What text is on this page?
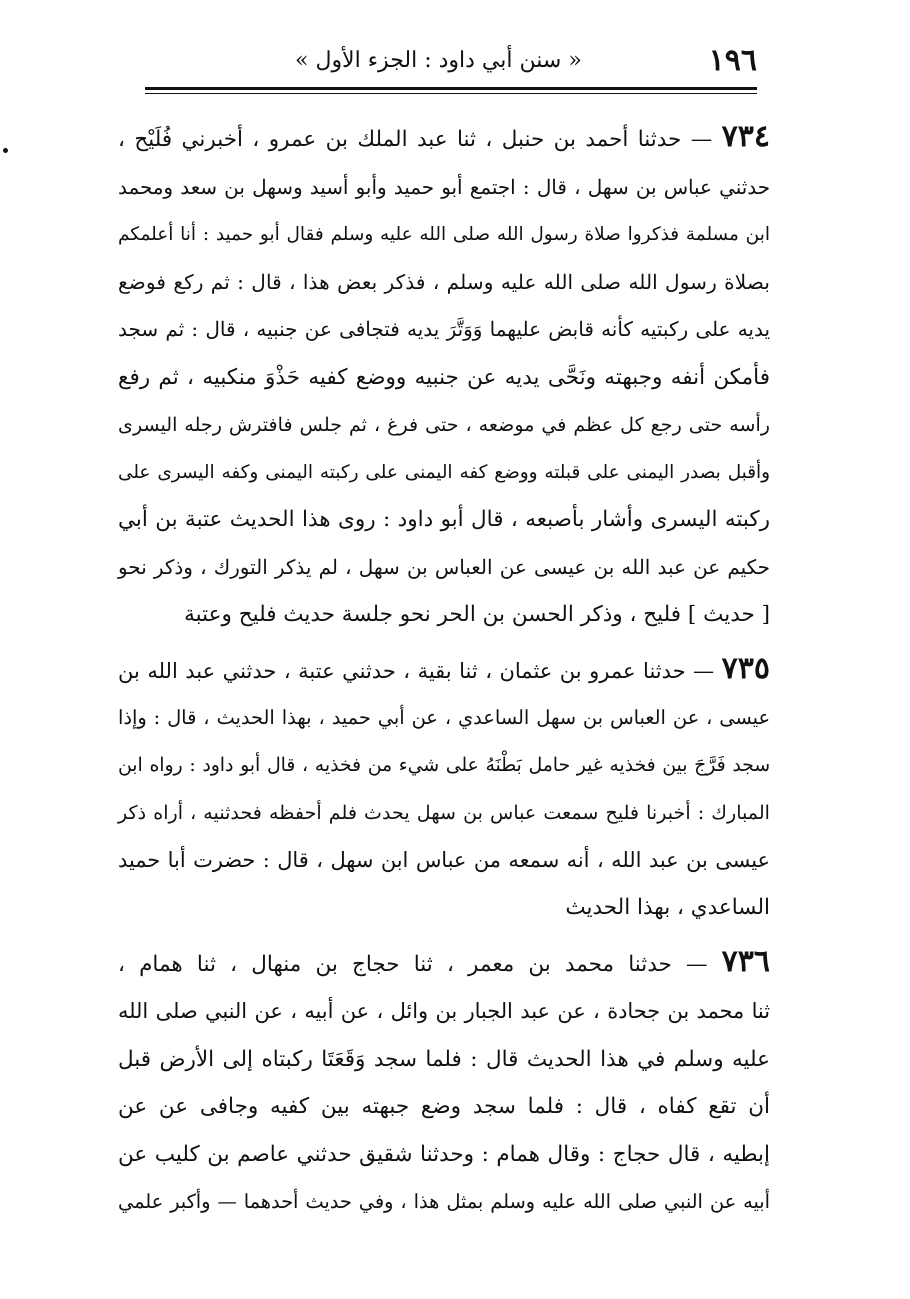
١٩٦
« سنن أبي داود : الجزء الأول »
٧٣٤ — حدثنا أحمد بن حنبل ، ثنا عبد الملك بن عمرو ، أخبرني فُلَيْح ،
حدثني عباس بن سهل ، قال : اجتمع أبو حميد وأبو أسيد وسهل بن سعد ومحمد
ابن مسلمة فذكروا صلاة رسول الله صلى الله عليه وسلم فقال أبو حميد : أنا أعلمكم
بصلاة رسول الله صلى الله عليه وسلم ، فذكر بعض هذا ، قال : ثم ركع فوضع
يديه على ركبتيه كأنه قابض عليهما وَوَتَّرَ يديه فتجافى عن جنبيه ، قال : ثم سجد
فأمكن أنفه وجبهته ونَحَّى يديه عن جنبيه ووضع كفيه حَذْوَ منكبيه ، ثم رفع
رأسه حتى رجع كل عظم في موضعه ، حتى فرغ ، ثم جلس فافترش رجله اليسرى
وأقبل بصدر اليمنى على قبلته ووضع كفه اليمنى على ركبته اليمنى وكفه اليسرى على
ركبته اليسرى وأشار بأصبعه ، قال أبو داود : روى هذا الحديث عتبة بن أبي
حكيم عن عبد الله بن عيسى عن العباس بن سهل ، لم يذكر التورك ، وذكر نحو
[ حديث ] فليح ، وذكر الحسن بن الحر نحو جلسة حديث فليح وعتبة
٧٣٥ — حدثنا عمرو بن عثمان ، ثنا بقية ، حدثني عتبة ، حدثني عبد الله بن
عيسى ، عن العباس بن سهل الساعدي ، عن أبي حميد ، بهذا الحديث ، قال : وإذا
سجد فَرَّجَ بين فخذيه غير حامل بَطْنَهُ على شيء من فخذيه ، قال أبو داود : رواه ابن
المبارك : أخبرنا فليح سمعت عباس بن سهل يحدث فلم أحفظه فحدثنيه ، أراه ذكر
عيسى بن عبد الله ، أنه سمعه من عباس ابن سهل ، قال : حضرت أبا حميد
الساعدي ، بهذا الحديث
٧٣٦ — حدثنا محمد بن معمر ، ثنا حجاج بن منهال ، ثنا همام ،
ثنا محمد بن جحادة ، عن عبد الجبار بن وائل ، عن أبيه ، عن النبي صلى الله
عليه وسلم في هذا الحديث قال : فلما سجد وَقَعَتَا ركبتاه إلى الأرض قبل
أن تقع كفاه ، قال : فلما سجد وضع جبهته بين كفيه وجافى عن عن
إبطيه ، قال حجاج : وقال همام : وحدثنا شقيق حدثني عاصم بن كليب عن
أبيه عن النبي صلى الله عليه وسلم بمثل هذا ، وفي حديث أحدهما — وأكبر علمي
